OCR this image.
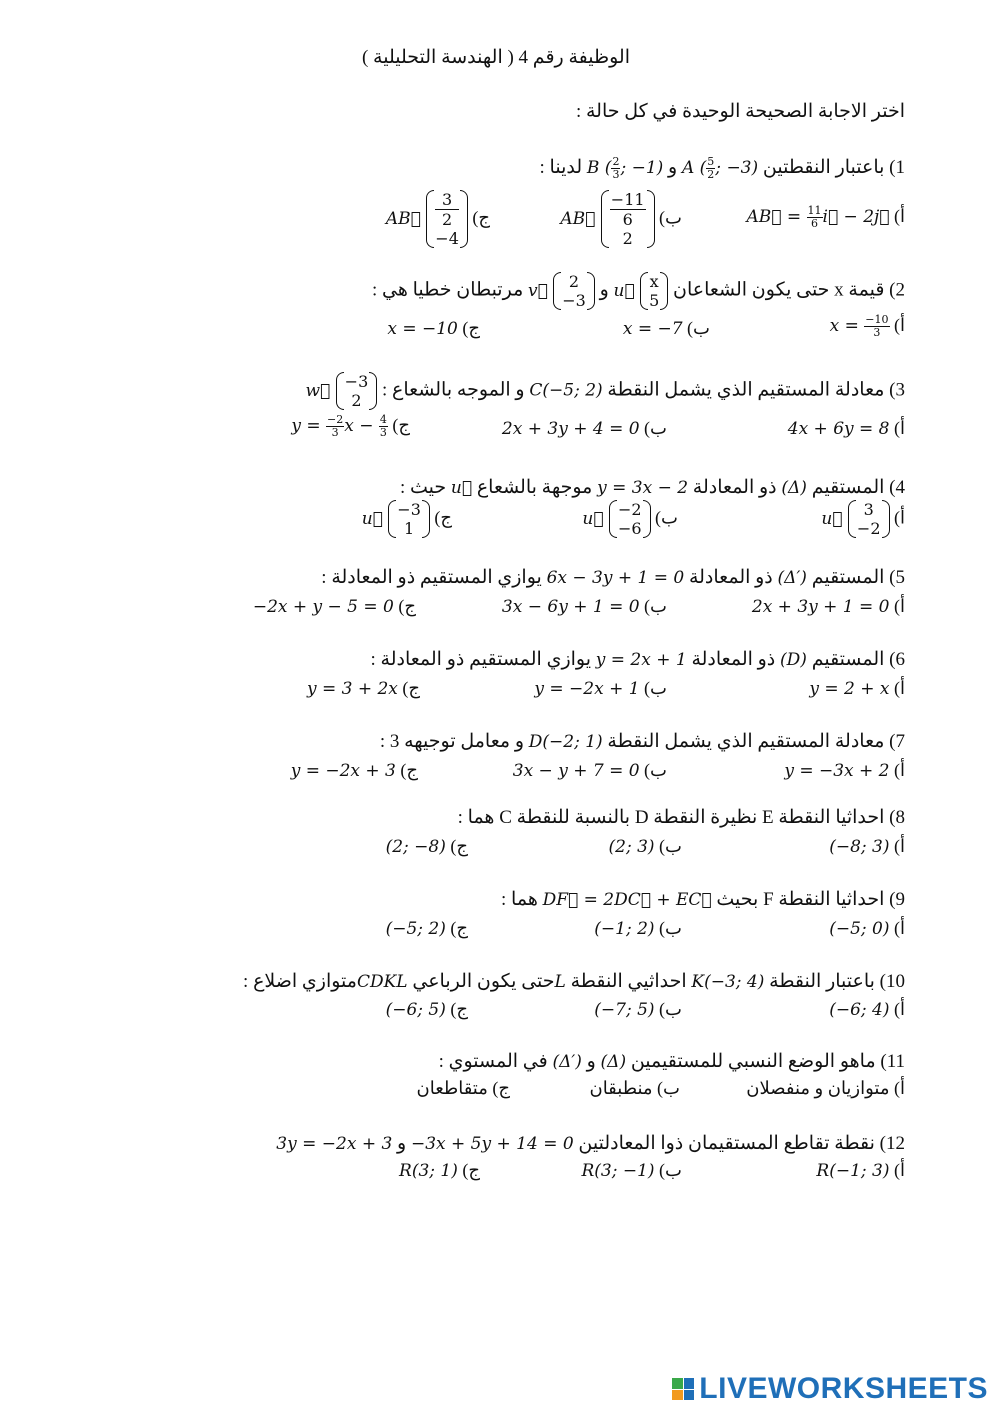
الوظيفة رقم 4 ( الهندسة التحليلية )
اختر الاجابة الصحيحة الوحيدة في كل حالة :
1) باعتبار النقطتين A ( $\frac{5}{2}$ ; −3) و B ( $\frac{2}{3}$ ; −1) لدينا :
أ) AB⃗ = $\frac{11}{6}$ i⃗ − 2j⃗
ب) AB⃗
−11
6
2
ج) AB⃗
3
2
−4
2) قيمة x حتى يكون الشعاعان u⃗ x
5
و v⃗	2
−3
مرتبطان خطيا هي :
أ) $x = \frac{-10}{3}$
ب) x = −7
ج) x = −10
3) معادلة المستقيم الذي يشمل النقطة C(−5; 2) و الموجه بالشعاع : w⃗ −3
2
أ) 4x + 6y = 8
ب) 2x + 3y + 4 = 0
ج) $y = \frac{-2}{3}$ $x - \frac{4}{3}$
4) المستقيم (Δ) ذو المعادلة y = 3x − 2 موجهة بالشعاع u⃗ حيث :
أ) u⃗	3
−2
ب) u⃗ −2
−6
ج) u⃗ −3
1
5) المستقيم (Δ′) ذو المعادلة 6x − 3y + 1 = 0 يوازي المستقيم ذو المعادلة :
أ) 2x + 3y + 1 = 0
ب) 3x − 6y + 1 = 0
ج) −2x + y − 5 = 0
6) المستقيم (D) ذو المعادلة y = 2x + 1 يوازي المستقيم ذو المعادلة :
أ) y = 2 + x
ب) y = −2x + 1
ج) y = 3 + 2x
7) معادلة المستقيم الذي يشمل النقطة D(−2; 1) و معامل توجيهه 3 :
أ) y = −3x + 2
ب) 3x − y + 7 = 0
ج) y = −2x + 3
8) احداثيا النقطة E نظيرة النقطة D بالنسبة للنقطة C هما :
أ) (−8; 3)
ب) (2; 3)
ج) (2; −8)
9) احداثيا النقطة F بحيث DF⃗ = 2DC⃗ + EC⃗ هما :
أ) (−5; 0)
ب) (−1; 2)
ج) (−5; 2)
10) باعتبار النقطة K(−3; 4) احداثيي النقطة Lحتى يكون الرباعي CDKLمتوازي اضلاع :
أ) (−6; 4)
ب) (−7; 5)
ج) (−6; 5)
11) ماهو الوضع النسبي للمستقيمين (Δ) و (Δ′) في المستوي :
أ) متوازيان و منفصلان
ب) منطبقان
ج) متقاطعان
12) نقطة تقاطع المستقيمان ذوا المعادلتين −3x + 5y + 14 = 0 و 3y = −2x + 3
أ) R(−1; 3)
ب) R(3; −1)
ج) R(3; 1)
LIVEWORKSHEETS
